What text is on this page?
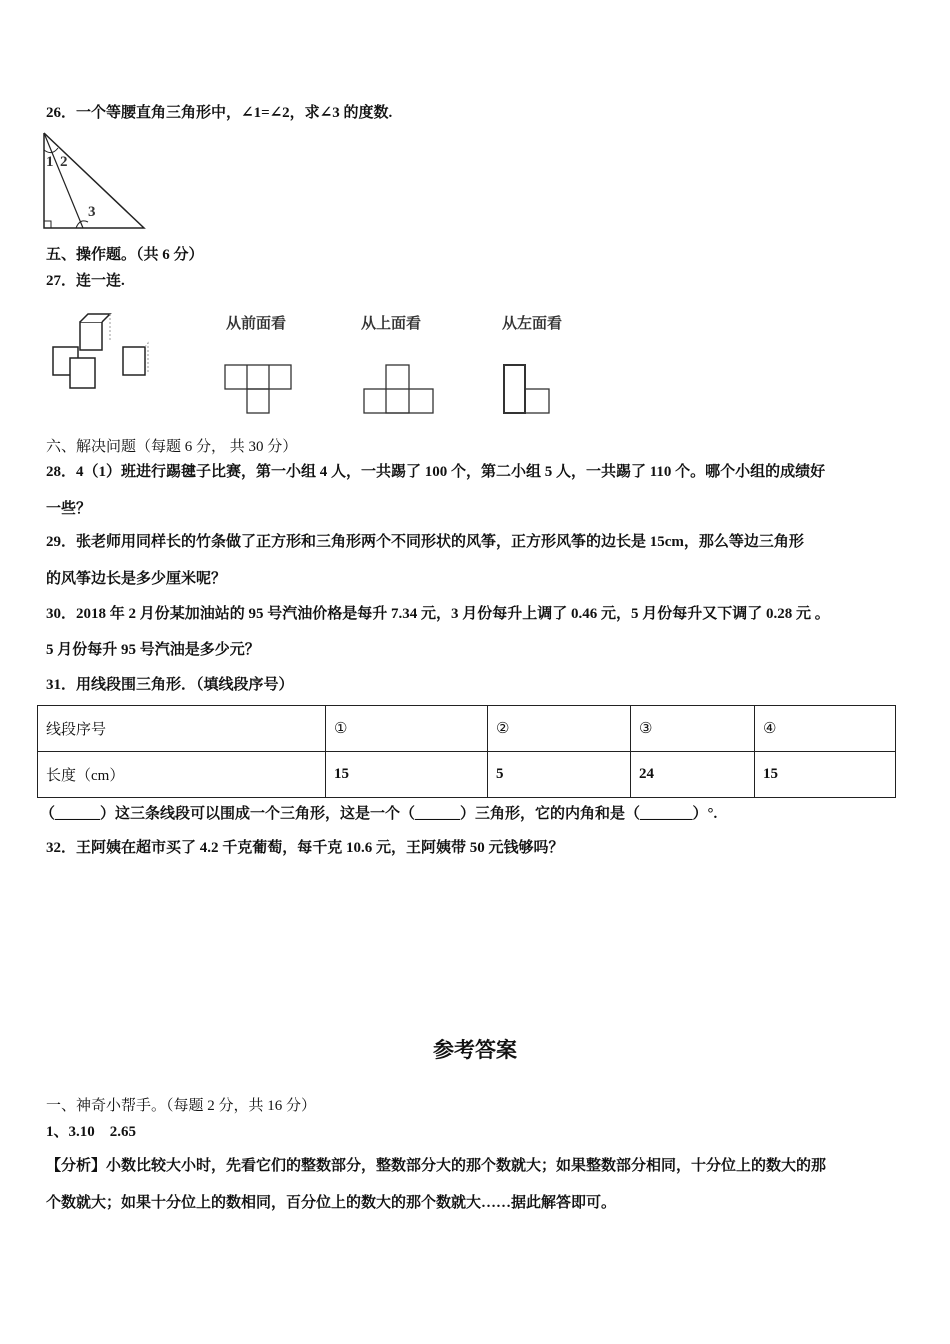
26．一个等腰直角三角形中，∠1=∠2，求∠3 的度数.
1 2
3
五、操作题。（共 6 分）
27．连一连.
从前面看	从上面看	从左面看
六、解决问题（每题 6 分， 共 30 分）
28．4（1）班进行踢毽子比赛，第一小组 4 人，一共踢了 100 个，第二小组 5 人，一共踢了 110 个。哪个小组的成绩好
一些？
29．张老师用同样长的竹条做了正方形和三角形两个不同形状的风筝，正方形风筝的边长是 15cm，那么等边三角形
的风筝边长是多少厘米呢？
30．2018 年 2 月份某加油站的 95 号汽油价格是每升 7.34 元，3 月份每升上调了 0.46 元，5 月份每升又下调了 0.28 元 。
5 月份每升 95 号汽油是多少元？
31．用线段围三角形．（填线段序号）
线段序号	①	②	③	④
长度（cm）	15	5	24	15
（______）这三条线段可以围成一个三角形，这是一个（______）三角形，它的内角和是（_______）°.
32．王阿姨在超市买了 4.2 千克葡萄，每千克 10.6 元，王阿姨带 50 元钱够吗？
参考答案
一、神奇小帮手。（每题 2 分，共 16 分）
1、3.10　2.65
【分析】小数比较大小时，先看它们的整数部分，整数部分大的那个数就大；如果整数部分相同，十分位上的数大的那
个数就大；如果十分位上的数相同，百分位上的数大的那个数就大……据此解答即可。
